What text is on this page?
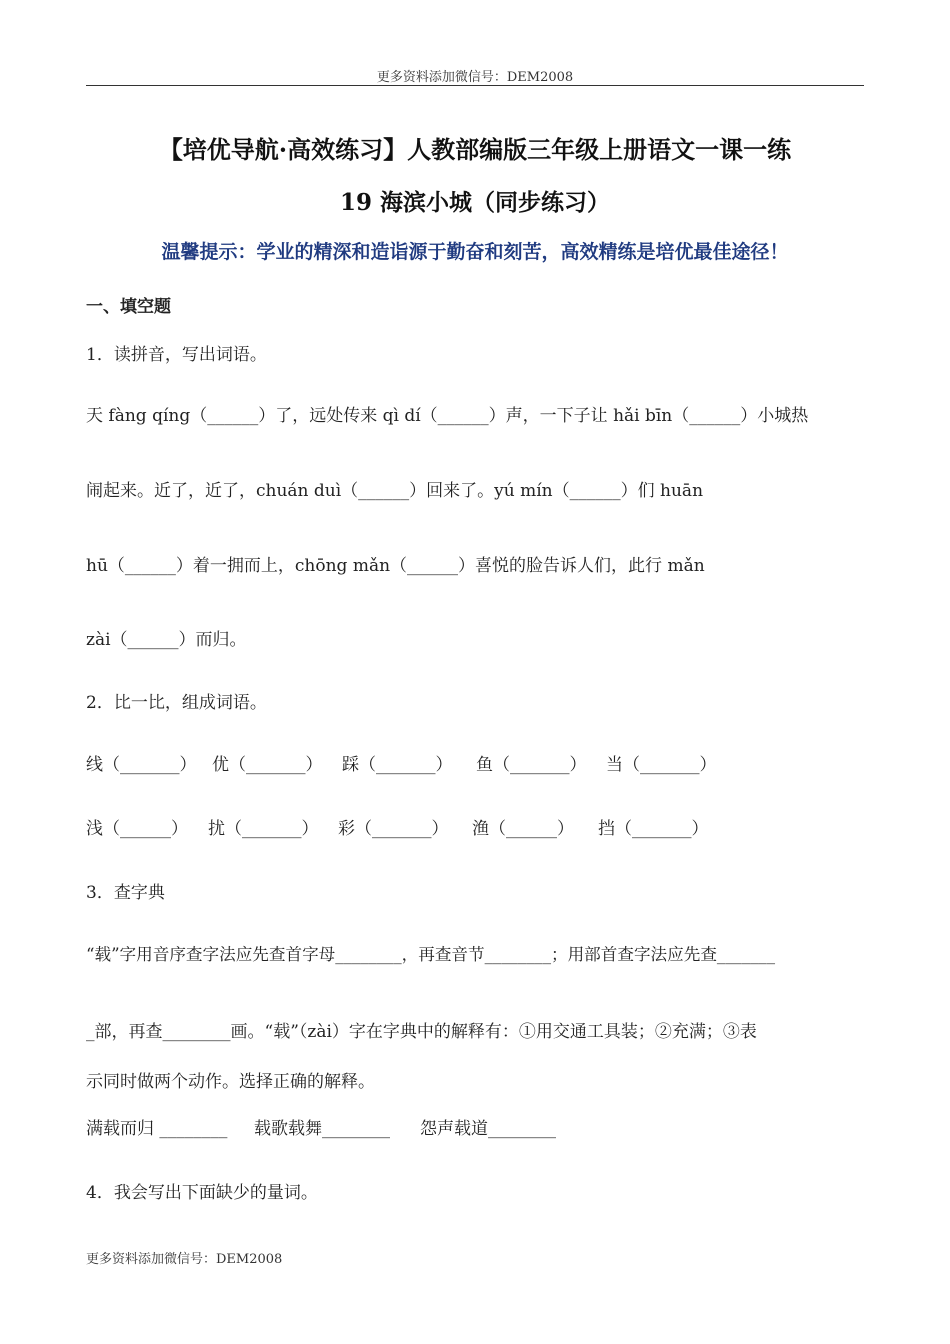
更多资料添加微信号：DEM2008
【培优导航·高效练习】人教部编版三年级上册语文一课一练
19 海滨小城（同步练习）
温馨提示：学业的精深和造诣源于勤奋和刻苦，高效精练是培优最佳途径！
一、填空题
1．读拼音，写出词语。
天 fàng qíng（______）了，远处传来 qì dí（______）声，一下子让 hǎi bīn（______）小城热
闹起来。近了，近了，chuán duì（______）回来了。yú mín（______）们 huān
hū（______）着一拥而上，chōng mǎn（______）喜悦的脸告诉人们，此行 mǎn
zài（______）而归。
2．比一比，组成词语。
线（_______） 优（_______） 踩（_______） 鱼（_______） 当（_______）
浅（______） 扰（_______） 彩（_______） 渔（______） 挡（_______）
3．查字典
“载”字用音序查字法应先查首字母________，再查音节________；用部首查字法应先查_______
_部，再查________画。“载”（zài）字在字典中的解释有：①用交通工具装；②充满；③表
示同时做两个动作。选择正确的解释。
满载而归 ________ 载歌载舞________ 怨声载道________
4．我会写出下面缺少的量词。
更多资料添加微信号：DEM2008
